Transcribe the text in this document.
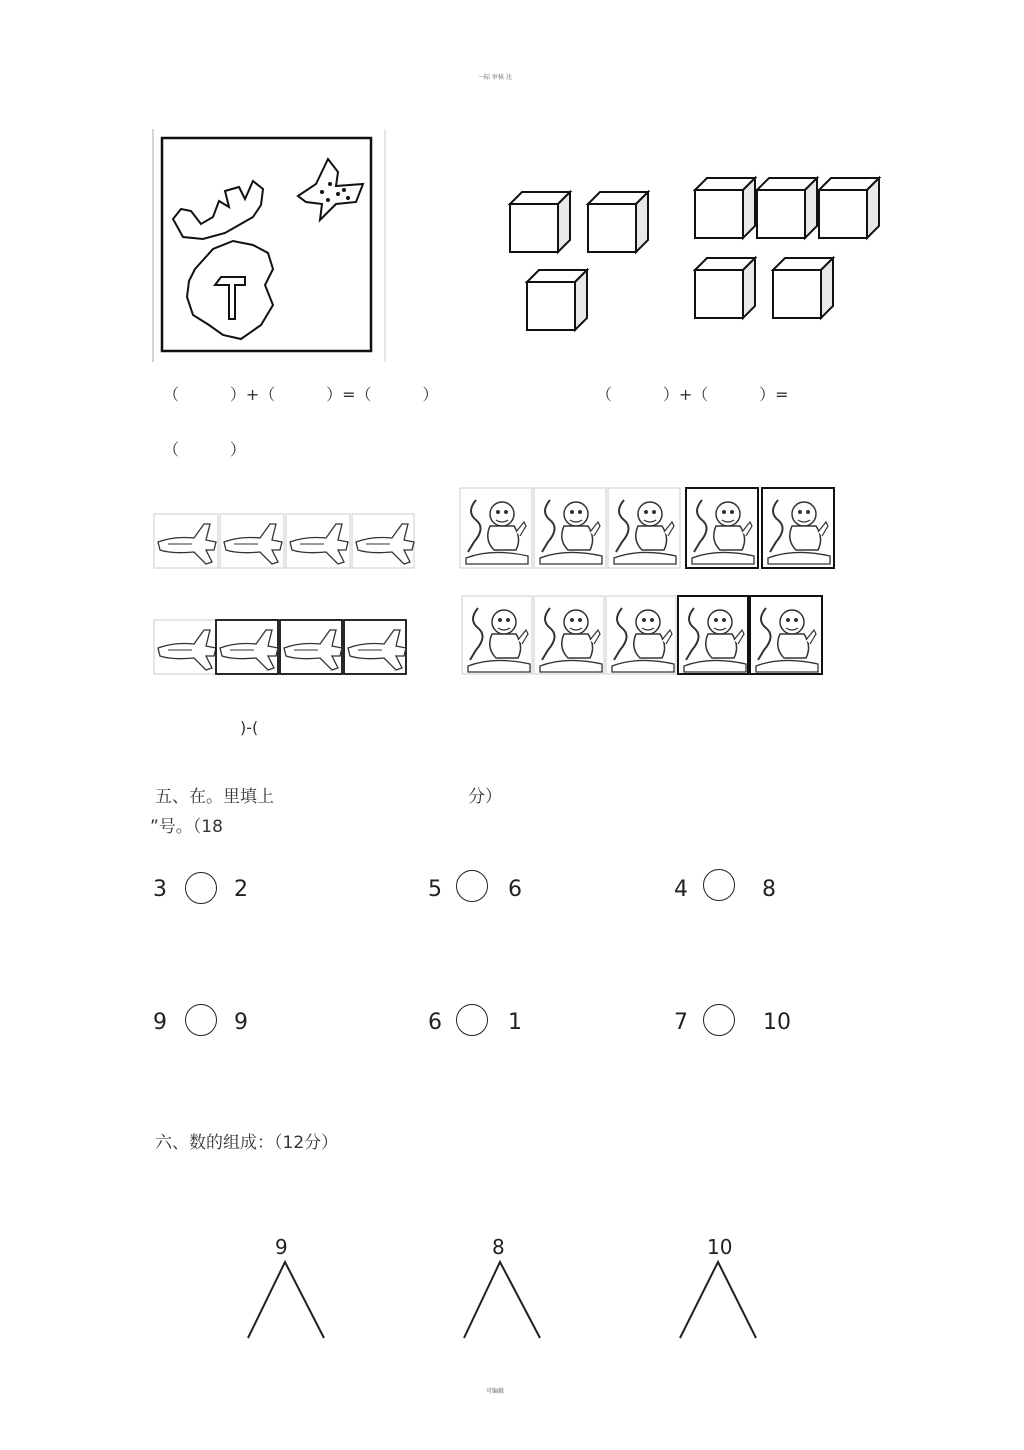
一际 审核 达
可编辑
（          ）+（          ）=（          ）	（          ）+（          ）=
（          ）
)-(
五、在。里填上	分）
”号。（18
3	2	5	6	4	8
9	9	6	1	7	10
六、数的组成：（12分）
9	8	10
